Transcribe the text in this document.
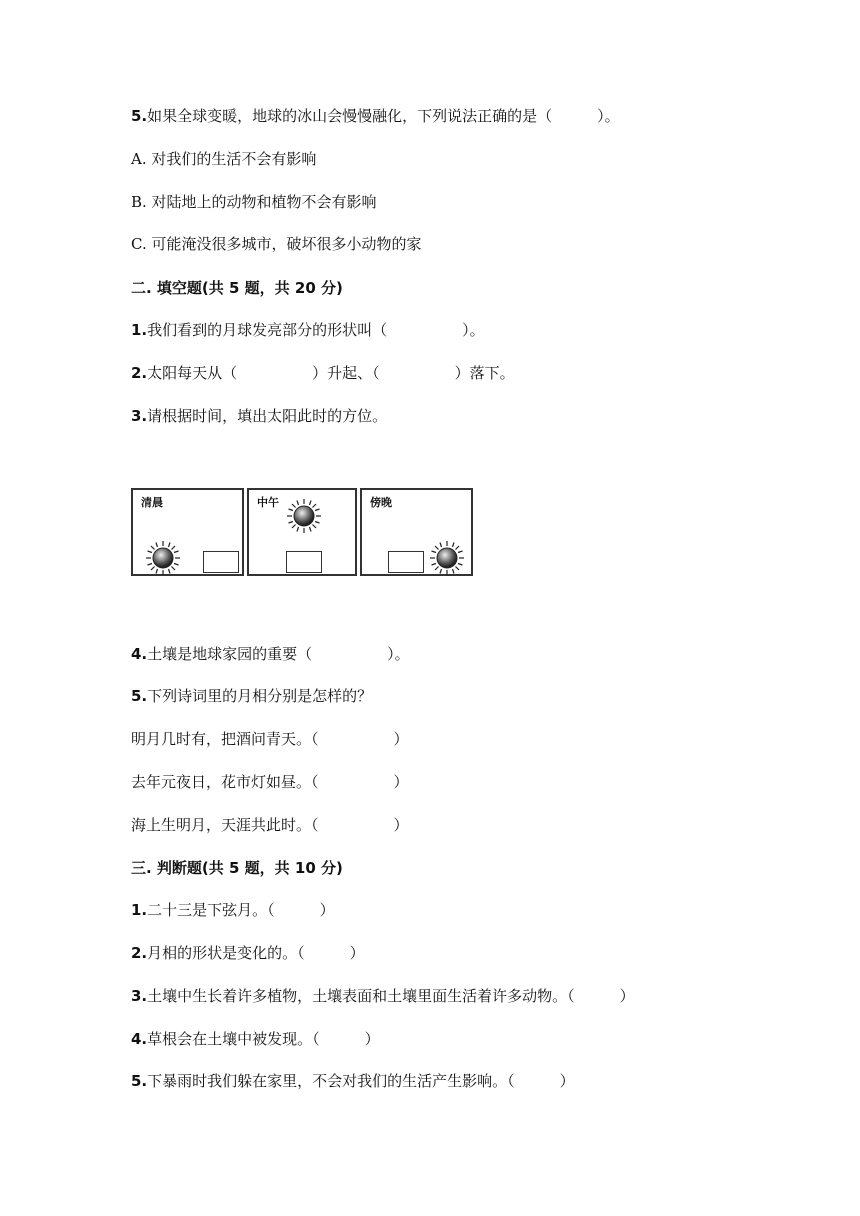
5.如果全球变暖，地球的冰山会慢慢融化，下列说法正确的是（　　　）。
A. 对我们的生活不会有影响
B. 对陆地上的动物和植物不会有影响
C. 可能淹没很多城市，破坏很多小动物的家
二. 填空题(共 5 题，共 20 分)
1.我们看到的月球发亮部分的形状叫（　　　　　）。
2.太阳每天从（　　　　　）升起、（　　　　　）落下。
3.请根据时间，填出太阳此时的方位。
清晨	中午	傍晚
4.土壤是地球家园的重要（　　　　　）。
5.下列诗词里的月相分别是怎样的？
明月几时有，把酒问青天。（　　　　　）
去年元夜日，花市灯如昼。（　　　　　）
海上生明月，天涯共此时。（　　　　　）
三. 判断题(共 5 题，共 10 分)
1.二十三是下弦月。（　　　）
2.月相的形状是变化的。（　　　）
3.土壤中生长着许多植物，土壤表面和土壤里面生活着许多动物。（　　　）
4.草根会在土壤中被发现。（　　　）
5.下暴雨时我们躲在家里，不会对我们的生活产生影响。（　　　）
